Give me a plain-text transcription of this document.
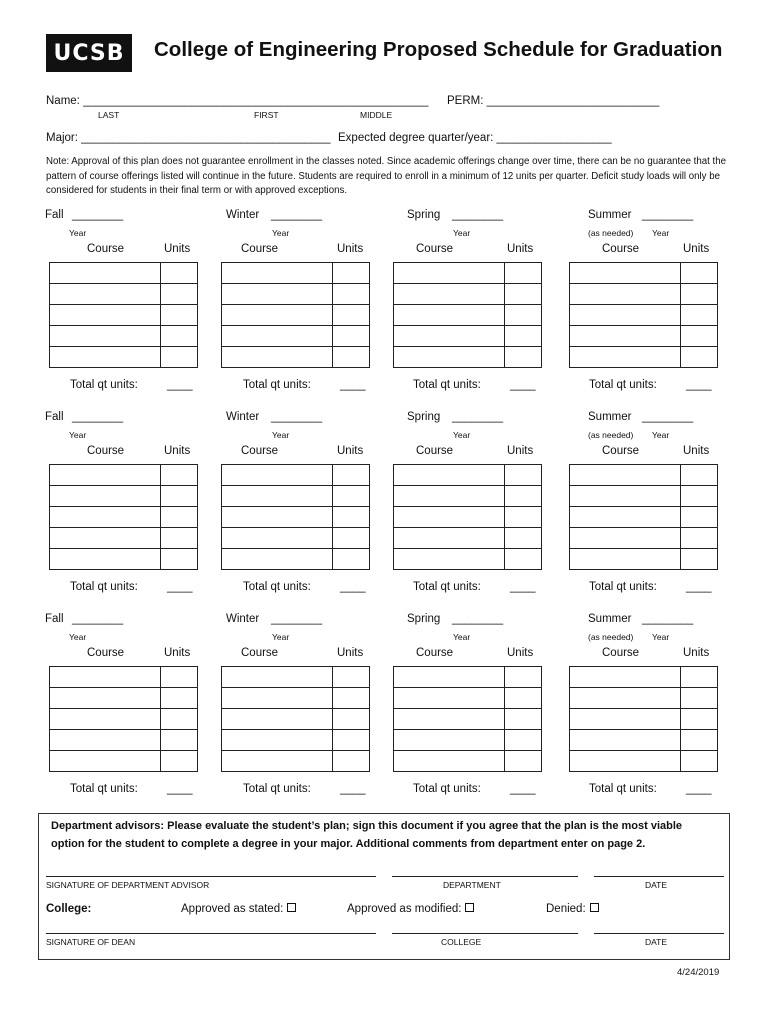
UCSB	College of Engineering Proposed Schedule for Graduation
Name: ______________________________________________________
LAST	FIRST	MIDDLE
PERM: ___________________________
Major: _______________________________________ Expected degree quarter/year: __________________
Note: Approval of this plan does not guarantee enrollment in the classes noted. Since academic offerings change over time, there can be no guarantee that the pattern of course offerings listed will continue in the future. Students are required to enroll in a minimum of 12 units per quarter. Deficit study loads will only be considered for students in their final term or with approved exceptions.
Fall ________
Year
Course	Units

Total qt units:	____
Winter ________
Year
Course	Units

Total qt units:	____
Spring ________
Year
Course	Units

Total qt units:	____
Summer ________
(as needed) Year
Course	Units

Total qt units:	____
Fall ________
Year
Course	Units

Total qt units:	____
Winter ________
Year
Course	Units

Total qt units:	____
Spring ________
Year
Course	Units

Total qt units:	____
Summer ________
(as needed) Year
Course	Units

Total qt units:	____
Fall ________
Year
Course	Units

Total qt units:	____
Winter ________
Year
Course	Units

Total qt units:	____
Spring ________
Year
Course	Units

Total qt units:	____
Summer ________
(as needed) Year
Course	Units

Total qt units:	____
Department advisors: Please evaluate the student’s plan; sign this document if you agree that the plan is the most viable
option for the student to complete a degree in your major. Additional comments from department enter on page 2.
SIGNATURE OF DEPARTMENT ADVISOR	DEPARTMENT	DATE
College:	Approved as stated:	Approved as modified:	Denied:
SIGNATURE OF DEAN	COLLEGE	DATE
4/24/2019
